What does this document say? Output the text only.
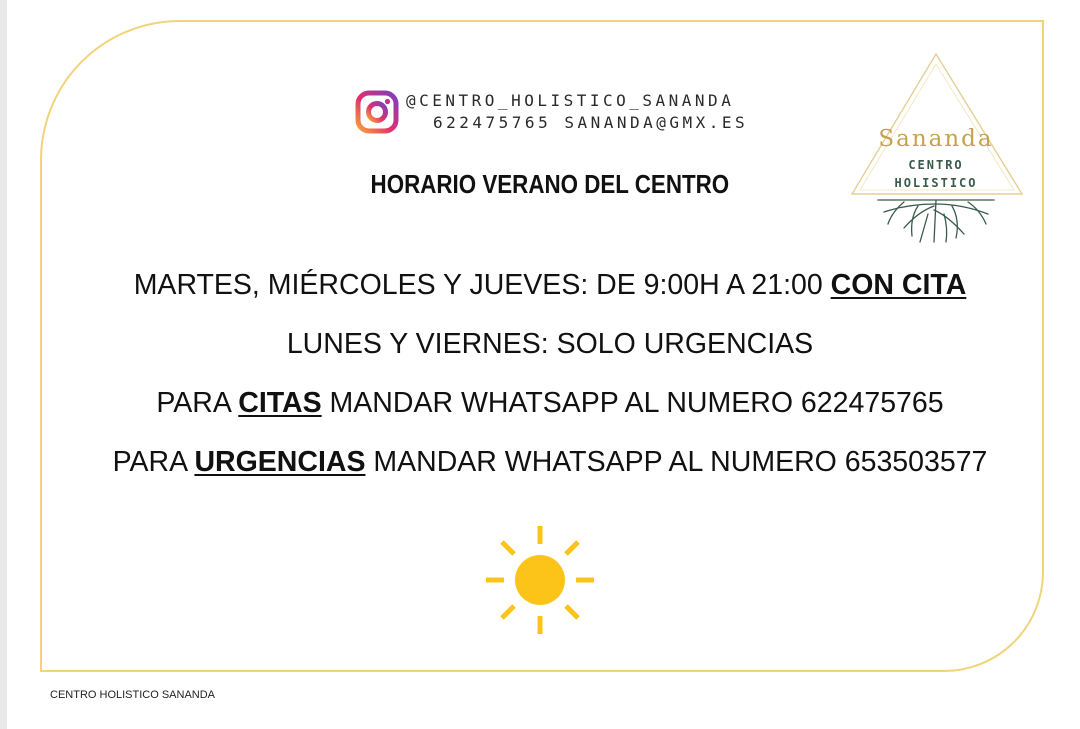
@CENTRO_HOLISTICO_SANANDA
622475765 SANANDA@GMX.ES
Sananda
CENTRO
HOLISTICO
HORARIO VERANO DEL CENTRO
MARTES, MIÉRCOLES Y JUEVES: DE 9:00H A 21:00 CON CITA
LUNES Y VIERNES: SOLO URGENCIAS
PARA CITAS MANDAR WHATSAPP AL NUMERO 622475765
PARA URGENCIAS MANDAR WHATSAPP AL NUMERO 653503577
CENTRO HOLISTICO SANANDA
